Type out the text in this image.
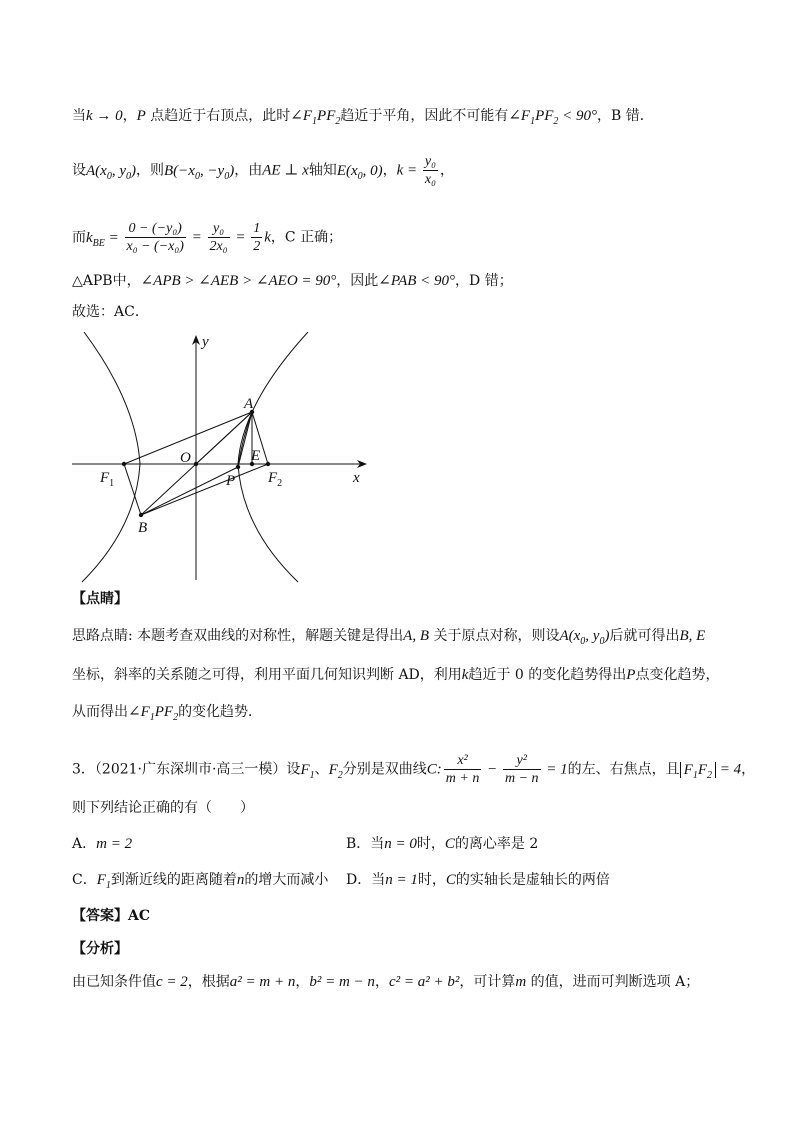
当k → 0，P 点趋近于右顶点，此时$\angle F_1PF_2$趋近于平角，因此不可能有$\angle F_1PF_2 < 90^\circ$，B 错．
设$A(x_0$, $y_0$)，则$B(-x_0$, $-y_0$)，由AE ⊥ x轴知$E(x_0$, 0)，$k = \frac{\text{y₀}}{\text{x₀}}$ ，
而$k_{BE} = \frac{\text{0 − (−y₀)}}{\text{x₀ − (−x₀)}} = \frac{\text{y₀}}{\text{2x₀}} = \frac{1}{2}$ k，C 正确；
△APB中，∠APB > ∠AEB > ∠AEO = 90°，因此∠PAB < 90°，D 错；
故选：AC．
y
x
A
O	E
P
B
$F_1$	$F_2$
【点睛】
思路点睛: 本题考查双曲线的对称性，解题关键是得出A, B 关于原点对称，则设$A(x_0$, $y_0$)后就可得出B, E
坐标，斜率的关系随之可得，利用平面几何知识判断 AD，利用k趋近于 0 的变化趋势得出P点变化趋势，
从而得出$\angle F_1PF_2$的变化趋势．
3．（2021·广东深圳市·高三一模）设$F_1$、$F_2$分别是双曲线C: $\frac{\text{x²}}{m + n} - \frac{\text{y²}}{m - n} = 1$的左、右焦点，且 $F_1F_2 = 4$，
则下列结论正确的有（　　）
A．m = 2	B．当n = 0时，C的离心率是 2
C．$F_1$到渐近线的距离随着n的增大而减小 D．当n = 1时，C的实轴长是虚轴长的两倍
【答案】AC
【分析】
由已知条件值c = 2，根据a² = m + n，b² = m − n，c² = a² + b²，可计算m 的值，进而可判断选项 A；
